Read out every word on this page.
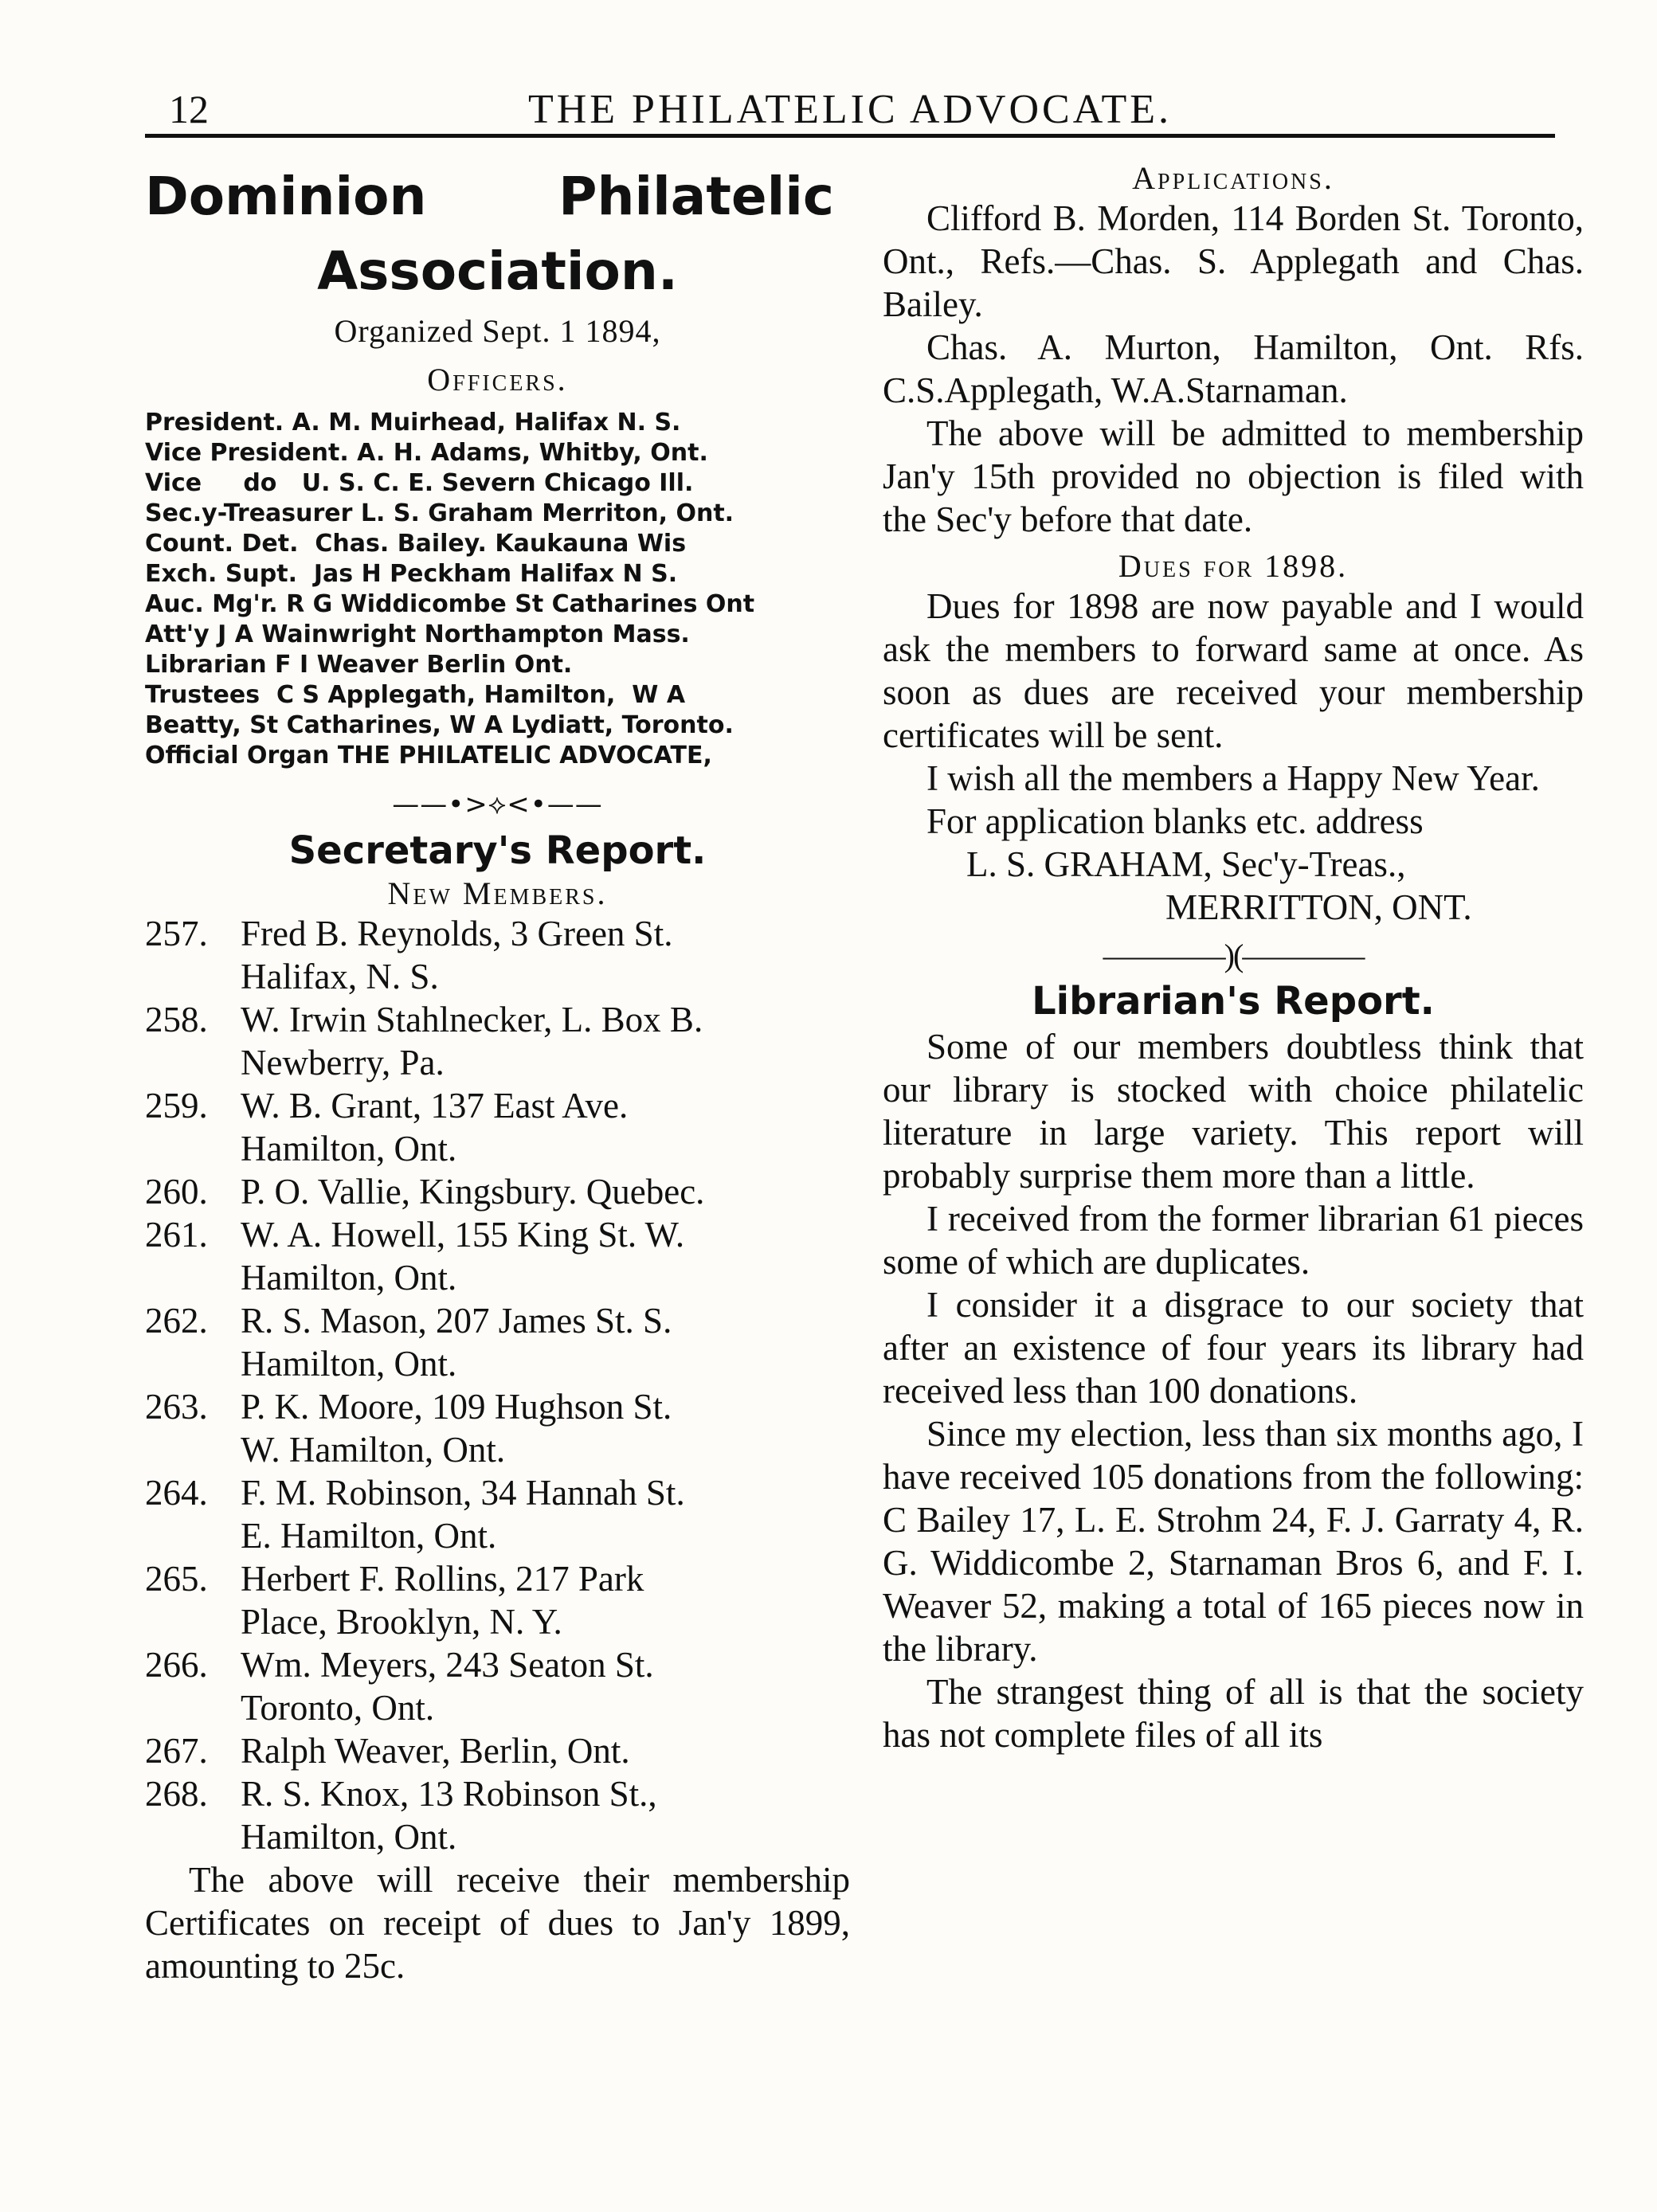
12	THE PHILATELIC ADVOCATE.
Dominion	Philatelic
Association.
Organized Sept. 1 1894,
Officers.
President. A. M. Muirhead, Halifax N. S.
Vice President. A. H. Adams, Whitby, Ont.
Vice     do   U. S. C. E. Severn Chicago Ill.
Sec.y-Treasurer L. S. Graham Merriton, Ont.
Count. Det.  Chas. Bailey. Kaukauna Wis
Exch. Supt.  Jas H Peckham Halifax N S.
Auc. Mg'r. R G Widdicombe St Catharines Ont
Att'y J A Wainwright Northampton Mass.
Librarian F I Weaver Berlin Ont.
Trustees  C S Applegath, Hamilton,  W A
Beatty, St Catharines, W A Lydiatt, Toronto.
Official Organ THE PHILATELIC ADVOCATE,
——•>⟡<•——
Secretary's Report.
New Members.
257. Fred B. Reynolds, 3 Green St.
Halifax, N. S.
258. W. Irwin Stahlnecker, L. Box B.
Newberry, Pa.
259. W. B. Grant, 137 East Ave.
Hamilton, Ont.
260. P. O. Vallie, Kingsbury. Quebec.
261. W. A. Howell, 155 King St. W.
Hamilton, Ont.
262. R. S. Mason, 207 James St. S.
Hamilton, Ont.
263. P. K. Moore, 109 Hughson St.
W. Hamilton, Ont.
264. F. M. Robinson, 34 Hannah St.
E. Hamilton, Ont.
265. Herbert F. Rollins, 217 Park
Place, Brooklyn, N. Y.
266. Wm. Meyers, 243 Seaton St.
Toronto, Ont.
267. Ralph Weaver, Berlin, Ont.
268. R. S. Knox, 13 Robinson St.,
Hamilton, Ont.

The above will receive their membership Certificates on receipt of dues to Jan'y 1899, amounting to 25c.

Applications.

Clifford B. Morden, 114 Borden St. Toronto, Ont., Refs.—Chas. S. Applegath and Chas. Bailey.

Chas. A. Murton, Hamilton, Ont. Rfs. C.S.Applegath, W.A.Starnaman.

The above will be admitted to membership Jan'y 15th provided no objection is filed with the Sec'y before that date.

Dues for 1898.

Dues for 1898 are now payable and I would ask the members to forward same at once. As soon as dues are received your membership certificates will be sent.

I wish all the members a Happy New Year.

For application blanks etc. address

L. S. GRAHAM, Sec'y-Treas.,
MERRITTON, ONT.
————)(————
Librarian's Report.

Some of our members doubtless think that our library is stocked with choice philatelic literature in large variety. This report will probably surprise them more than a little.

I received from the former librarian 61 pieces some of which are duplicates.

I consider it a disgrace to our society that after an existence of four years its library had received less than 100 donations.

Since my election, less than six months ago, I have received 105 donations from the following: C Bailey 17, L. E. Strohm 24, F. J. Garraty 4, R. G. Widdicombe 2, Starnaman Bros 6, and F. I. Weaver 52, making a total of 165 pieces now in the library.

The strangest thing of all is that the society has not complete files of all its
